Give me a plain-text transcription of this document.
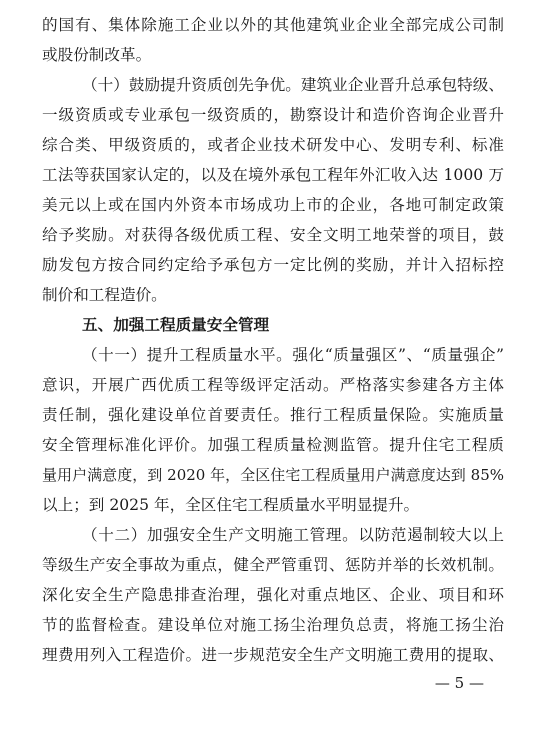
的国有、集体除施工企业以外的其他建筑业企业全部完成公司制
或股份制改革。
（十）鼓励提升资质创先争优。建筑业企业晋升总承包特级、
一级资质或专业承包一级资质的，勘察设计和造价咨询企业晋升
综合类、甲级资质的，或者企业技术研发中心、发明专利、标准
工法等获国家认定的，以及在境外承包工程年外汇收入达 1000 万
美元以上或在国内外资本市场成功上市的企业，各地可制定政策
给予奖励。对获得各级优质工程、安全文明工地荣誉的项目，鼓
励发包方按合同约定给予承包方一定比例的奖励，并计入招标控
制价和工程造价。
五、加强工程质量安全管理
（十一）提升工程质量水平。强化“质量强区”、“质量强企”
意识，开展广西优质工程等级评定活动。严格落实参建各方主体
责任制，强化建设单位首要责任。推行工程质量保险。实施质量
安全管理标准化评价。加强工程质量检测监管。提升住宅工程质
量用户满意度，到 2020 年，全区住宅工程质量用户满意度达到 85%
以上；到 2025 年，全区住宅工程质量水平明显提升。
（十二）加强安全生产文明施工管理。以防范遏制较大以上
等级生产安全事故为重点，健全严管重罚、惩防并举的长效机制。
深化安全生产隐患排查治理，强化对重点地区、企业、项目和环
节的监督检查。建设单位对施工扬尘治理负总责，将施工扬尘治
理费用列入工程造价。进一步规范安全生产文明施工费用的提取、
— 5 —
